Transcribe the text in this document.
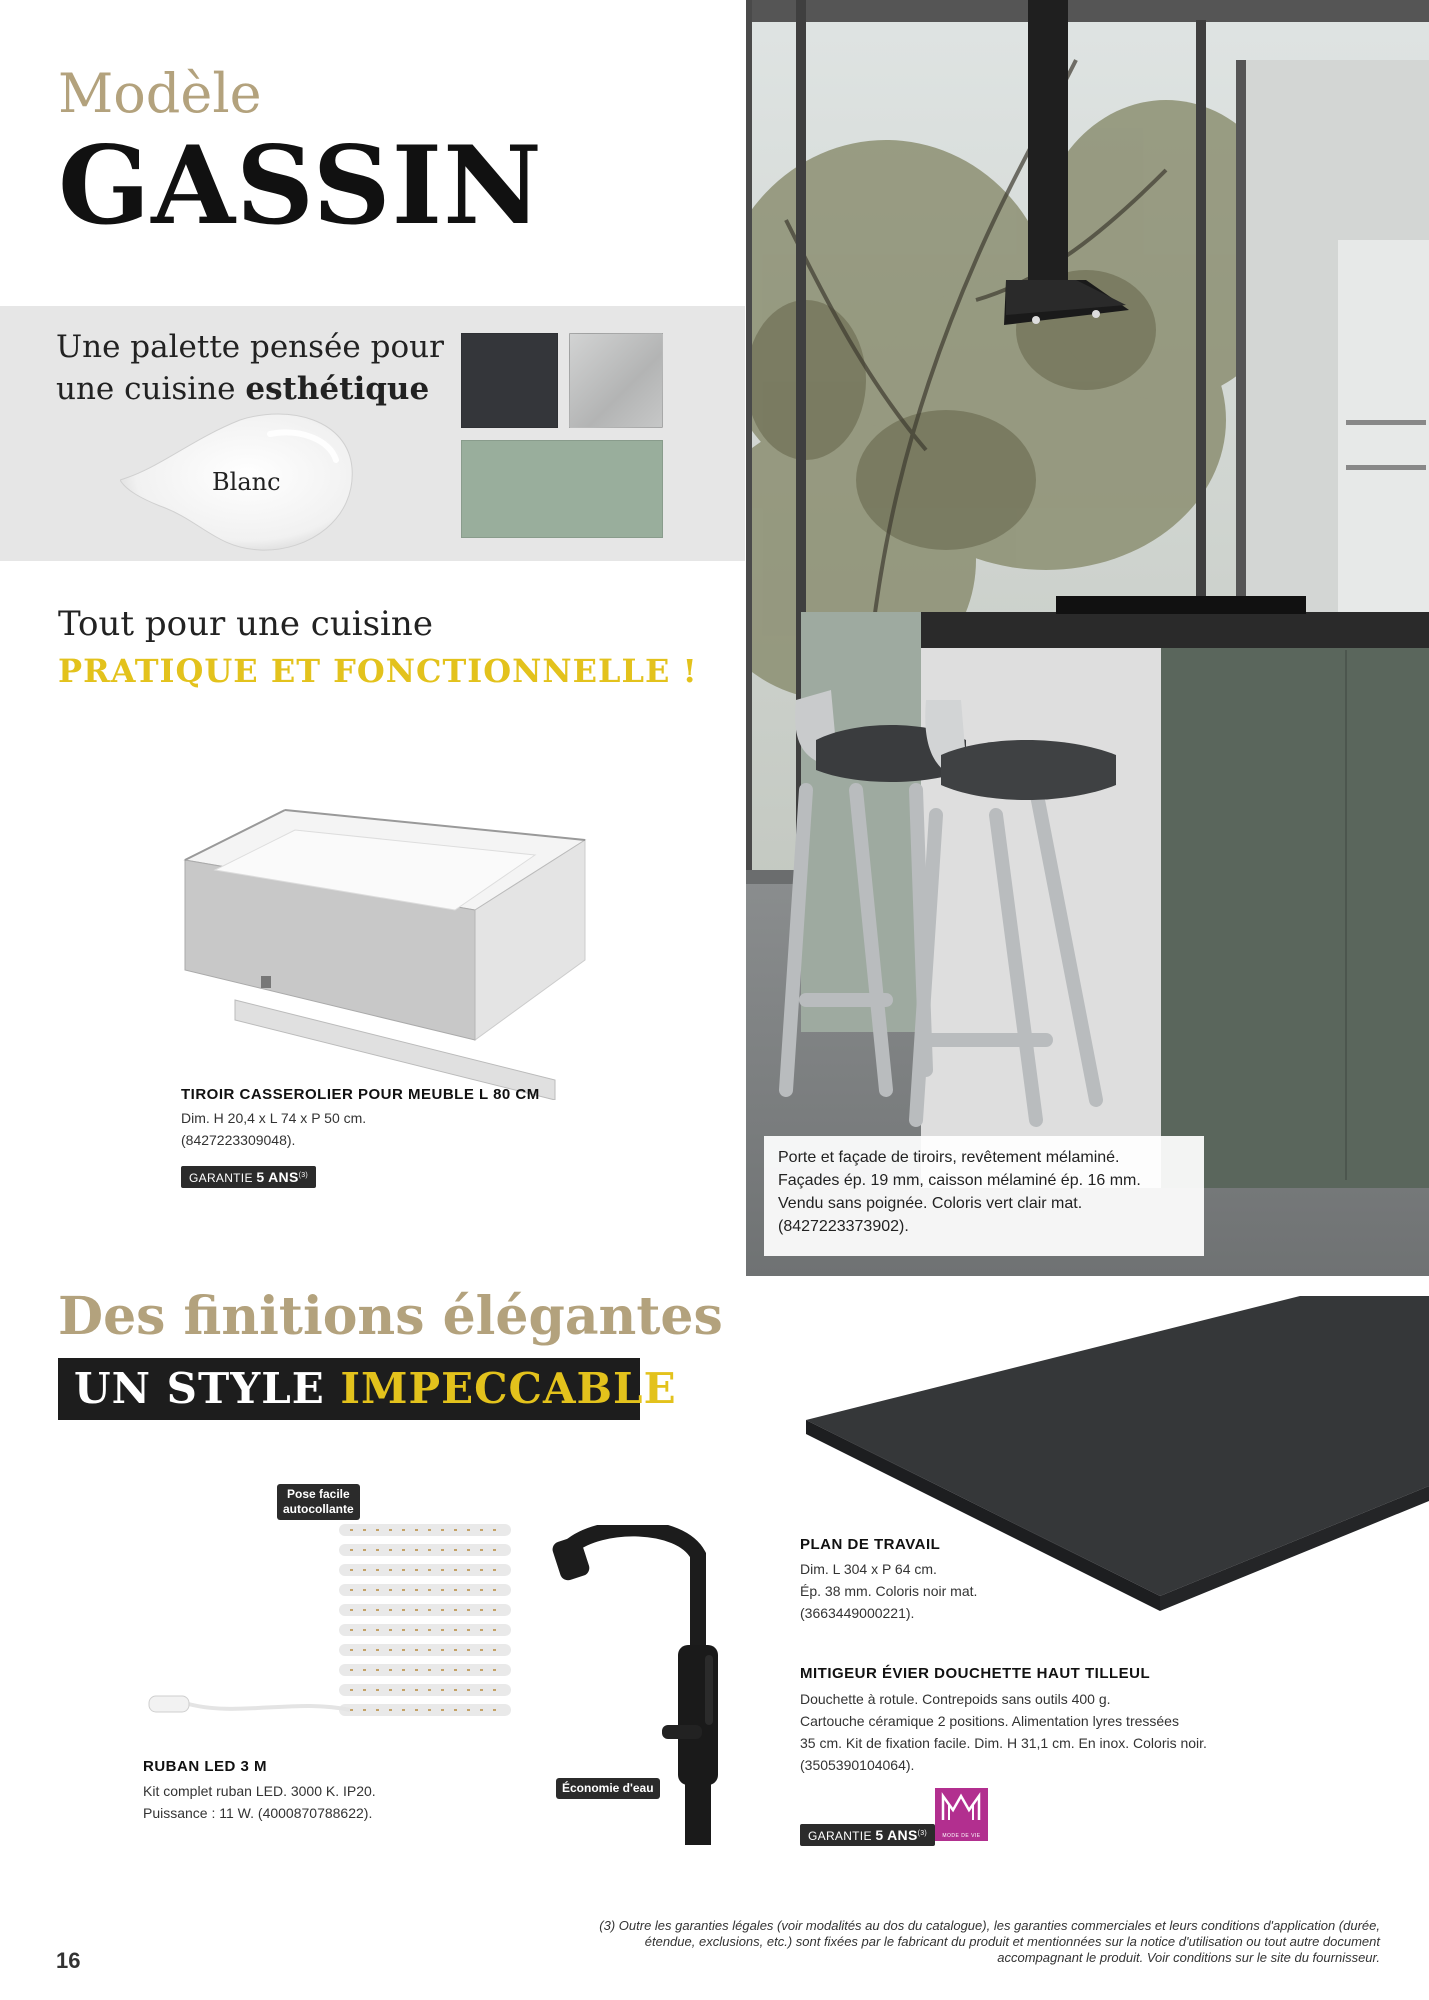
Modèle
GASSIN
Une palette pensée pour
une cuisine esthétique
Blanc
Tout pour une cuisine
PRATIQUE ET FONCTIONNELLE !
TIROIR CASSEROLIER POUR MEUBLE L 80 CM
Dim. H 20,4 x L 74 x P 50 cm.
(8427223309048).
GARANTIE 5 ANS$^{(3)}$

Porte et façade de tiroirs, revêtement mélaminé.
Façades ép. 19 mm, caisson mélaminé ép. 16 mm.
Vendu sans poignée. Coloris vert clair mat.
(8427223373902).

Des finitions élégantes
UN STYLE IMPECCABLE
PLAN DE TRAVAIL
Dim. L 304 x P 64 cm.
Ép. 38 mm. Coloris noir mat.
(3663449000221).
MITIGEUR ÉVIER DOUCHETTE HAUT TILLEUL
Douchette à rotule. Contrepoids sans outils 400 g.
Cartouche céramique 2 positions. Alimentation lyres tressées
35 cm. Kit de fixation facile. Dim. H 31,1 cm. En inox. Coloris noir.
(3505390104064).
GARANTIE 5 ANS$^{(3)}$	MODE DE VIE
Économie d'eau
Pose facile
autocollante
RUBAN LED 3 M
Kit complet ruban LED. 3000 K. IP20.
Puissance : 11 W. (4000870788622).
(3) Outre les garanties légales (voir modalités au dos du catalogue), les garanties commerciales et leurs conditions d'application (durée,
étendue, exclusions, etc.) sont fixées par le fabricant du produit et mentionnées sur la notice d'utilisation ou tout autre document
accompagnant le produit. Voir conditions sur le site du fournisseur.
16
